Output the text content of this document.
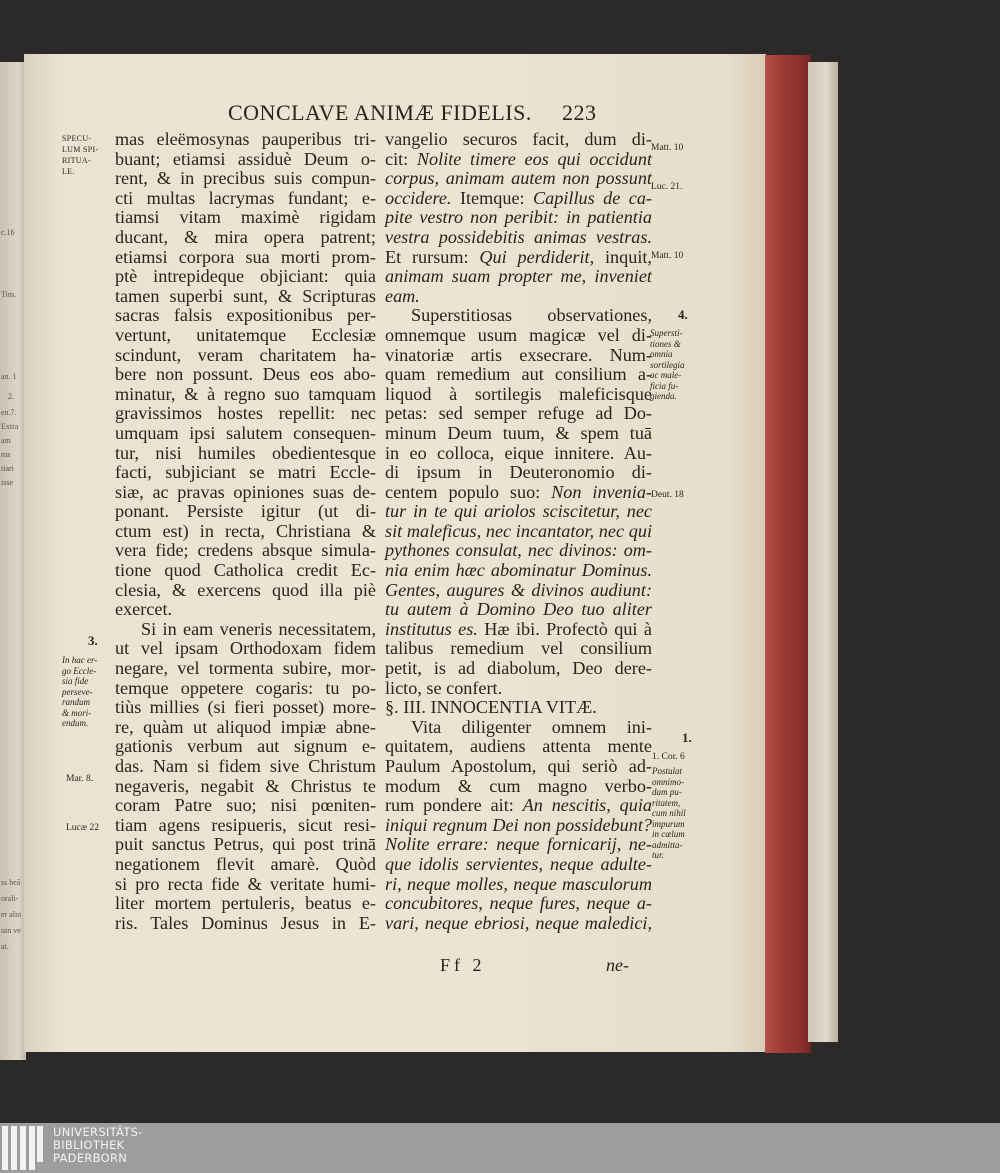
CONCLAVE ANIMÆ FIDELIS. 223
mas eleëmosynas pauperibus tri-
buant; etiamsi assiduè Deum o-
rent, & in precibus suis compun-
cti multas lacrymas fundant; e-
tiamsi vitam maximè rigidam
ducant, & mira opera patrent;
etiamsi corpora sua morti prom-
ptè intrepideque objiciant: quia
tamen superbi sunt, & Scripturas
sacras falsis expositionibus per-
vertunt, unitatemque Ecclesiæ
scindunt, veram charitatem ha-
bere non possunt. Deus eos abo-
minatur, & à regno suo tamquam
gravissimos hostes repellit: nec
umquam ipsi salutem consequen-
tur, nisi humiles obedientesque
facti, subjiciant se matri Eccle-
siæ, ac pravas opiniones suas de-
ponant. Persiste igitur (ut di-
ctum est) in recta, Christiana &
vera fide; credens absque simula-
tione quod Catholica credit Ec-
clesia, & exercens quod illa piè
exercet.
Si in eam veneris necessitatem,
ut vel ipsam Orthodoxam fidem
negare, vel tormenta subire, mor-
temque oppetere cogaris: tu po-
tiùs millies (si fieri posset) more-
re, quàm ut aliquod impiæ abne-
gationis verbum aut signum e-
das. Nam si fidem sive Christum
negaveris, negabit & Christus te
coram Patre suo; nisi pœniten-
tiam agens resipueris, sicut resi-
puit sanctus Petrus, qui post trinā
negationem flevit amarè. Quòd
si pro recta fide & veritate humi-
liter mortem pertuleris, beatus e-
ris. Tales Dominus Jesus in E-
vangelio securos facit, dum di-
cit: Nolite timere eos qui occidunt
corpus, animam autem non possunt
occidere. Itemque: Capillus de ca-
pite vestro non peribit: in patientia
vestra possidebitis animas vestras.
Et rursum: Qui perdiderit, inquit,
animam suam propter me, inveniet
eam.
Superstitiosas observationes,
omnemque usum magicæ vel di-
vinatoriæ artis exsecrare. Num-
quam remedium aut consilium a-
liquod à sortilegis maleficisque
petas: sed semper refuge ad Do-
minum Deum tuum, & spem tuā
in eo colloca, eique innitere. Au-
di ipsum in Deuteronomio di-
centem populo suo: Non invenia-
tur in te qui ariolos sciscitetur, nec
sit maleficus, nec incantator, nec qui
pythones consulat, nec divinos: om-
nia enim hæc abominatur Dominus.
Gentes, augures & divinos audiunt:
tu autem à Domino Deo tuo aliter
institutus es. Hæ ibi. Profectò qui à
talibus remedium vel consilium
petit, is ad diabolum, Deo dere-
licto, se confert.
§. III. INNOCENTIA VITÆ.
Vita diligenter omnem ini-
quitatem, audiens attenta mente
Paulum Apostolum, qui seriò ad-
modum & cum magno verbo-
rum pondere ait: An nescitis, quia
iniqui regnum Dei non possidebunt?
Nolite errare: neque fornicarij, ne-
que idolis servientes, neque adulte-
ri, neque molles, neque masculorum
concubitores, neque fures, neque a-
vari, neque ebriosi, neque maledici,
Ff 2	ne-
SPECU-
LUM SPI-
RITUA-
LE.
3.
In hac er-
go Eccle-
sia fide
perseve-
randum
& mori-
endum.
Mar. 8.
Lucæ 22
Matt. 10
Luc. 21.
Matt. 10
4.
Supersti-
tiones &
omnia
sortilegia
ac male-
ficia fu-
gienda.
Deut. 18
1.
1. Cor. 6
Postulat
omnimo-
dam pu-
ritatem,
cum nihil
impurum
in cælum
admitta-
tur.
c.16
Tim.
an. 1
2.
en.7.
Extra
am
ms
tiari
isse
ss beā
orali-
er alio
uin ve
at.
UNIVERSITÄTS-
BIBLIOTHEK
PADERBORN
